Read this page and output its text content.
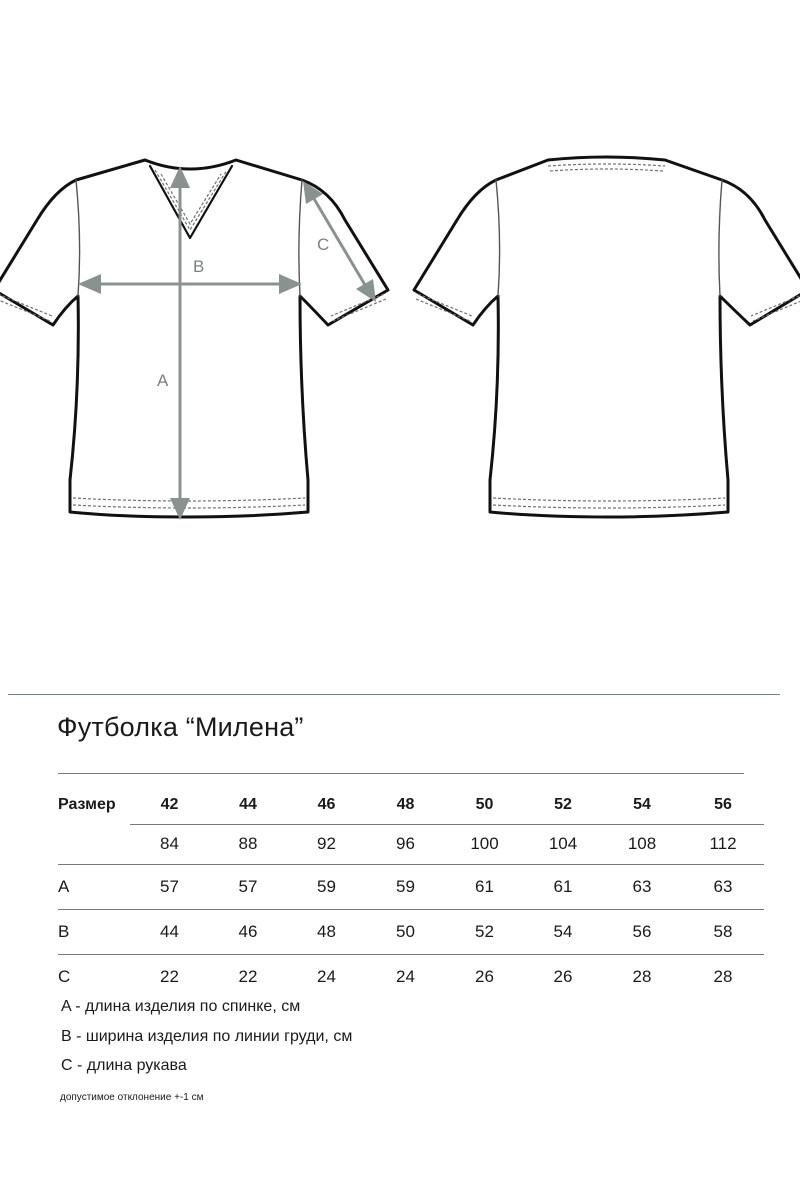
A
B
C
Футболка “Милена”
Размер	42	44	46	48	50	52	54	56
	84	88	92	96	100	104	108	112
A	57	57	59	59	61	61	63	63
B	44	46	48	50	52	54	56	58
C	22	22	24	24	26	26	28	28
A - длина изделия по спинке, см
B - ширина изделия по линии груди, см
C - длина рукава
допустимое отклонение +-1 см
